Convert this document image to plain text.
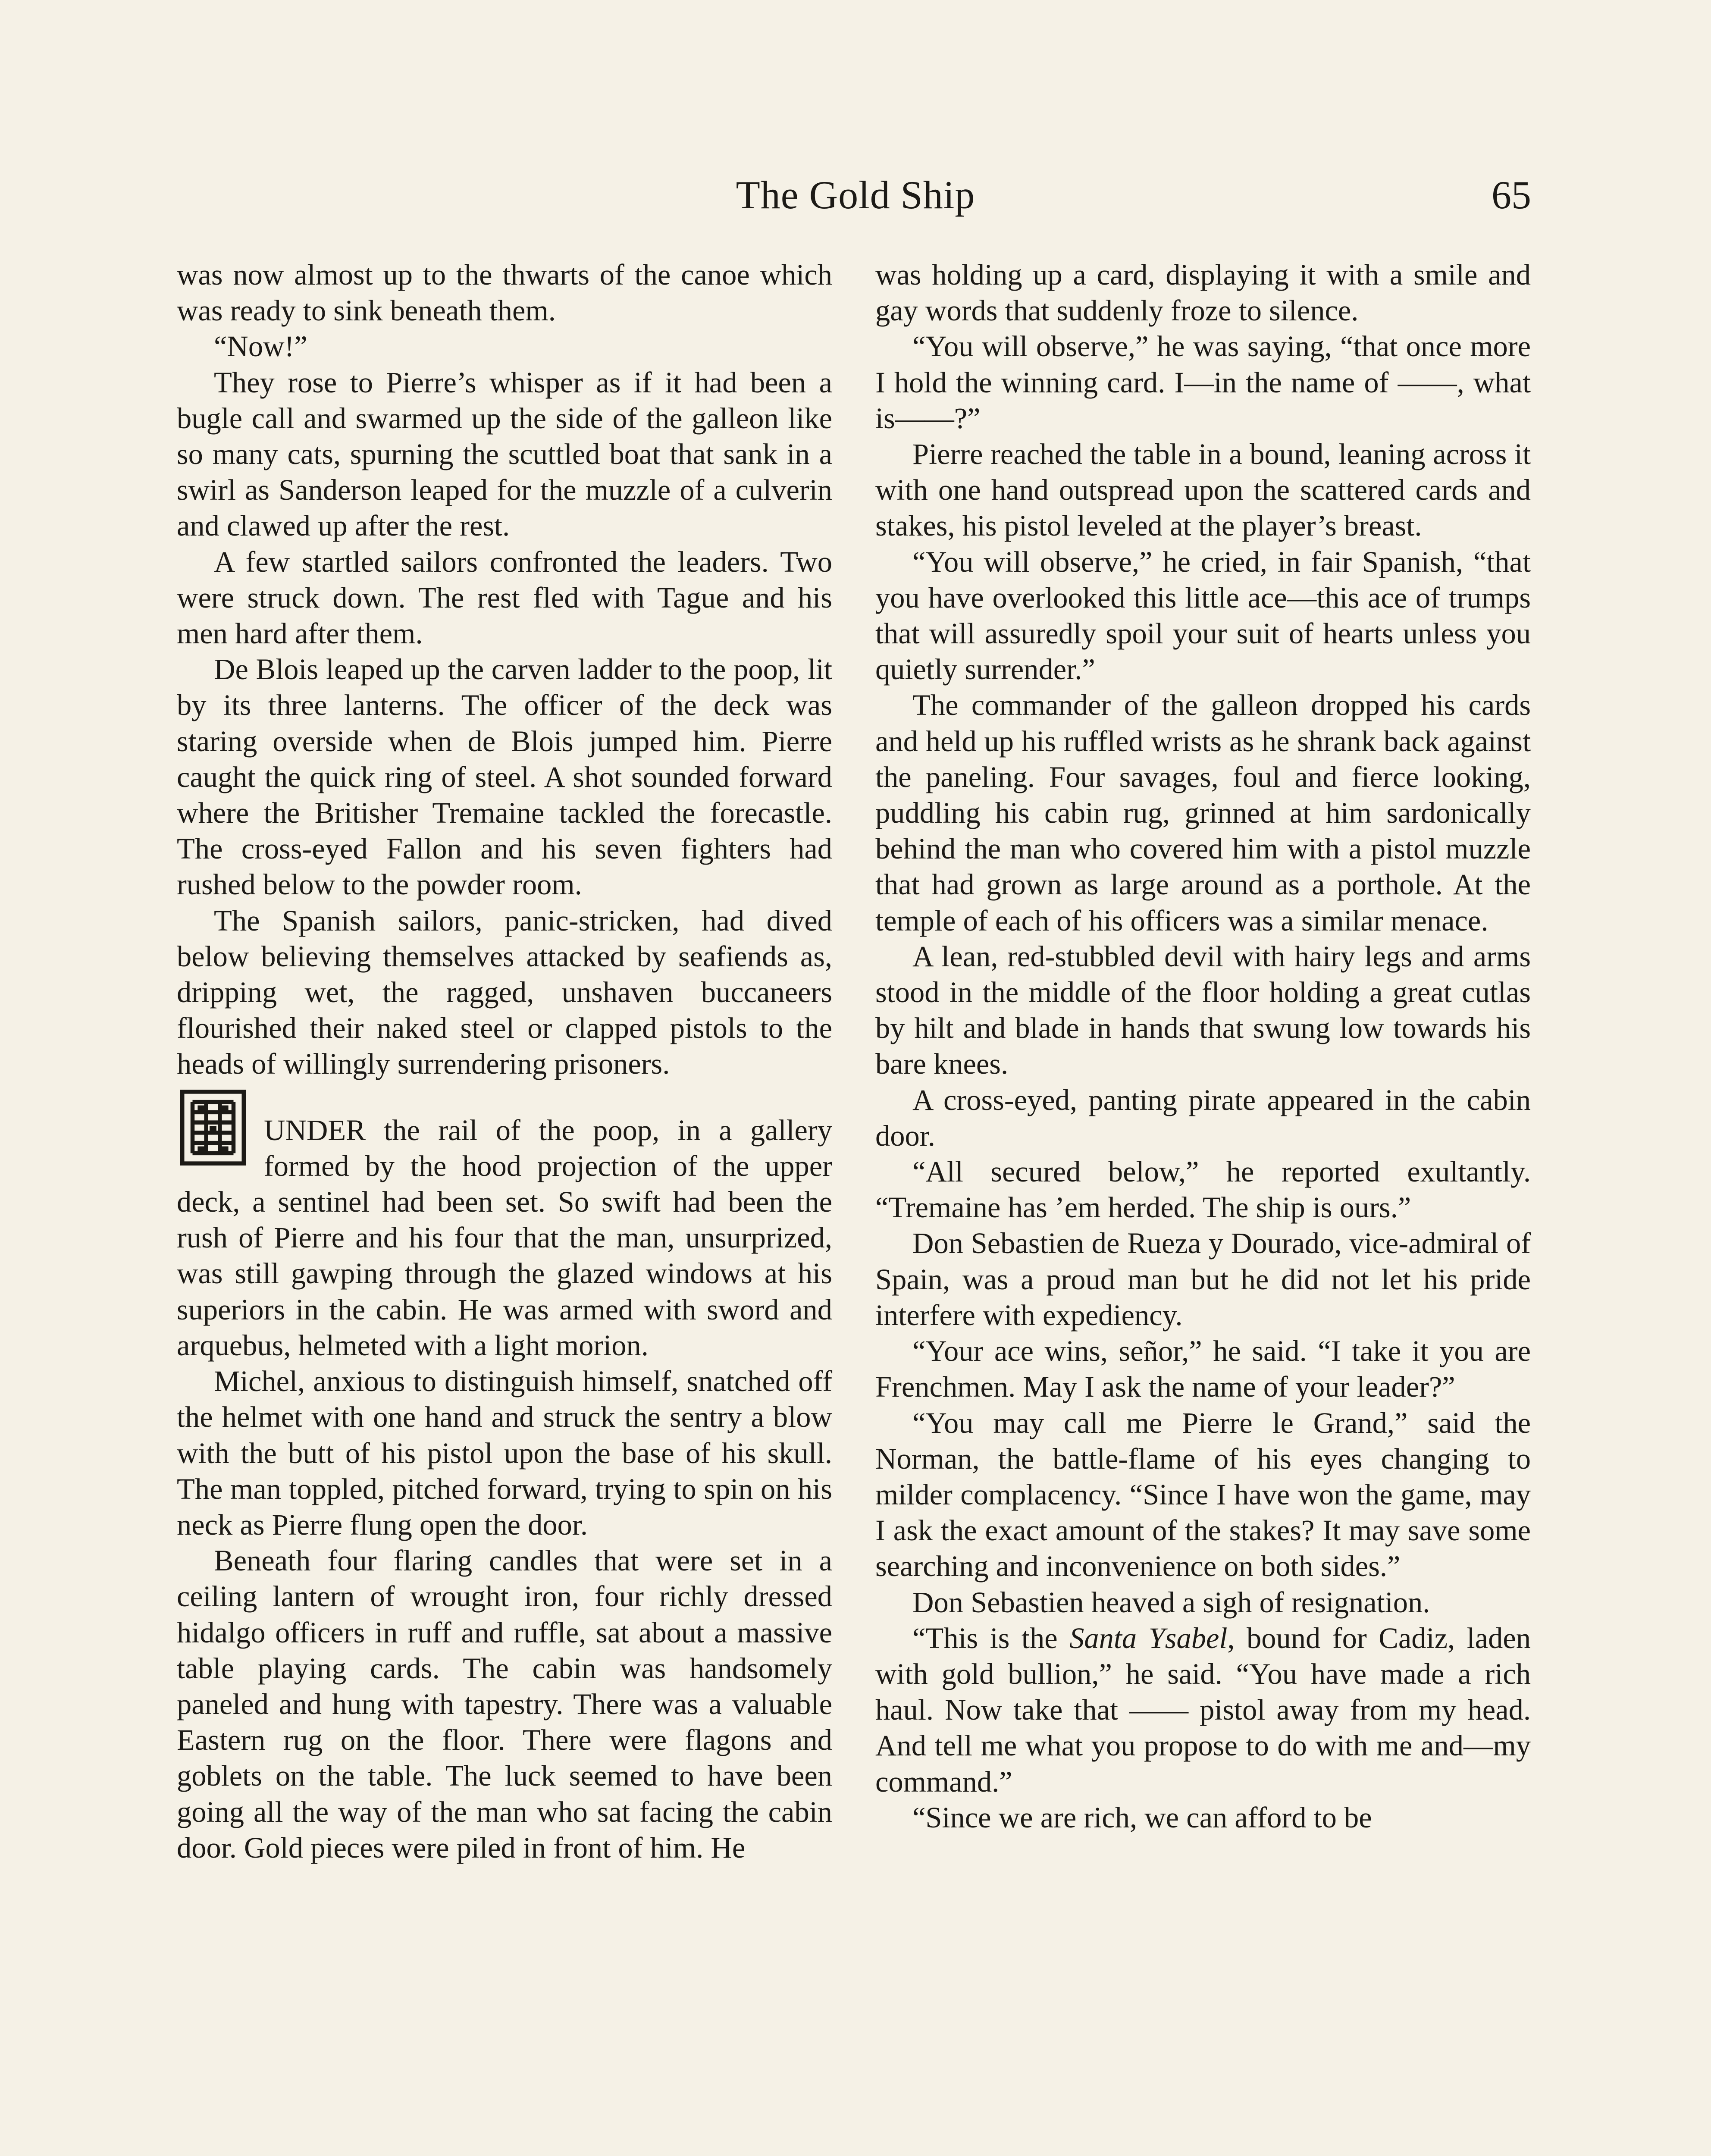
The Gold Ship	65

was now almost up to the thwarts of the canoe which was ready to sink beneath them.

“Now!”

They rose to Pierre’s whisper as if it had been a bugle call and swarmed up the side of the galleon like so many cats, spurning the scuttled boat that sank in a swirl as Sanderson leaped for the muzzle of a culverin and clawed up after the rest.

A few startled sailors confronted the leaders. Two were struck down. The rest fled with Tague and his men hard after them.

De Blois leaped up the carven ladder to the poop, lit by its three lanterns. The officer of the deck was staring overside when de Blois jumped him. Pierre caught the quick ring of steel. A shot sounded forward where the Britisher Tremaine tackled the forecastle. The cross-eyed Fallon and his seven fighters had rushed below to the powder room.

The Spanish sailors, panic-stricken, had dived below believing themselves attacked by seafiends as, dripping wet, the ragged, unshaven buccaneers flourished their naked steel or clapped pistols to the heads of willingly surrendering prisoners.

UNDER the rail of the poop, in a gallery formed by the hood projection of the upper deck, a sentinel had been set. So swift had been the rush of Pierre and his four that the man, unsurprized, was still gawping through the glazed windows at his superiors in the cabin. He was armed with sword and arquebus, helmeted with a light morion.

Michel, anxious to distinguish himself, snatched off the helmet with one hand and struck the sentry a blow with the butt of his pistol upon the base of his skull. The man toppled, pitched forward, trying to spin on his neck as Pierre flung open the door.

Beneath four flaring candles that were set in a ceiling lantern of wrought iron, four richly dressed hidalgo officers in ruff and ruffle, sat about a massive table playing cards. The cabin was handsomely paneled and hung with tapestry. There was a valuable Eastern rug on the floor. There were flagons and goblets on the table. The luck seemed to have been going all the way of the man who sat facing the cabin door. Gold pieces were piled in front of him. He

was holding up a card, displaying it with a smile and gay words that suddenly froze to silence.

“You will observe,” he was saying, “that once more I hold the winning card. I—in the name of ——, what is——?”

Pierre reached the table in a bound, leaning across it with one hand outspread upon the scattered cards and stakes, his pistol leveled at the player’s breast.

“You will observe,” he cried, in fair Spanish, “that you have overlooked this little ace—this ace of trumps that will assuredly spoil your suit of hearts unless you quietly surrender.”

The commander of the galleon dropped his cards and held up his ruffled wrists as he shrank back against the paneling. Four savages, foul and fierce looking, puddling his cabin rug, grinned at him sardonically behind the man who covered him with a pistol muzzle that had grown as large around as a porthole. At the temple of each of his officers was a similar menace.

A lean, red-stubbled devil with hairy legs and arms stood in the middle of the floor holding a great cutlas by hilt and blade in hands that swung low towards his bare knees.

A cross-eyed, panting pirate appeared in the cabin door.

“All secured below,” he reported exultantly. “Tremaine has ’em herded. The ship is ours.”

Don Sebastien de Rueza y Dourado, vice-admiral of Spain, was a proud man but he did not let his pride interfere with expediency.

“Your ace wins, señor,” he said. “I take it you are Frenchmen. May I ask the name of your leader?”

“You may call me Pierre le Grand,” said the Norman, the battle-flame of his eyes changing to milder complacency. “Since I have won the game, may I ask the exact amount of the stakes? It may save some searching and inconvenience on both sides.”

Don Sebastien heaved a sigh of resignation.

“This is the Santa Ysabel, bound for Cadiz, laden with gold bullion,” he said. “You have made a rich haul. Now take that —— pistol away from my head. And tell me what you propose to do with me and—my command.”

“Since we are rich, we can afford to be
